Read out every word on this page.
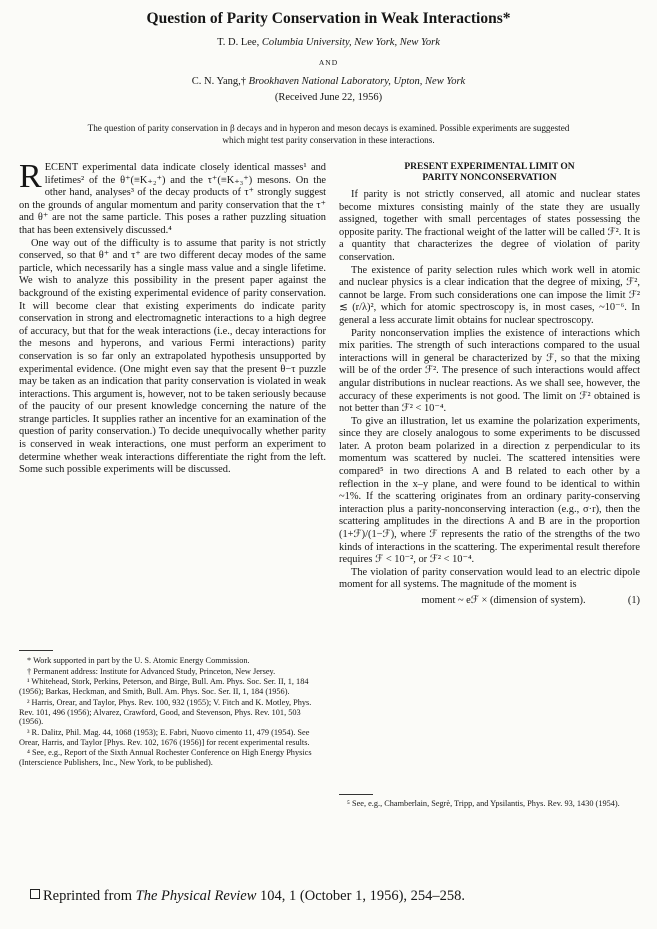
Question of Parity Conservation in Weak Interactions*
T. D. Lee, Columbia University, New York, New York
AND
C. N. Yang,† Brookhaven National Laboratory, Upton, New York
(Received June 22, 1956)
The question of parity conservation in β decays and in hyperon and meson decays is examined. Possible experiments are suggested which might test parity conservation in these interactions.

RECENT experimental data indicate closely identical masses¹ and lifetimes² of the θ⁺(≡K₊₂⁺) and the τ⁺(≡K₊₃⁺) mesons. On the other hand, analyses³ of the decay products of τ⁺ strongly suggest on the grounds of angular momentum and parity conservation that the τ⁺ and θ⁺ are not the same particle. This poses a rather puzzling situation that has been extensively discussed.⁴

One way out of the difficulty is to assume that parity is not strictly conserved, so that θ⁺ and τ⁺ are two different decay modes of the same particle, which necessarily has a single mass value and a single lifetime. We wish to analyze this possibility in the present paper against the background of the existing experimental evidence of parity conservation. It will become clear that existing experiments do indicate parity conservation in strong and electromagnetic interactions to a high degree of accuracy, but that for the weak interactions (i.e., decay interactions for the mesons and hyperons, and various Fermi interactions) parity conservation is so far only an extrapolated hypothesis unsupported by experimental evidence. (One might even say that the present θ−τ puzzle may be taken as an indication that parity conservation is violated in weak interactions. This argument is, however, not to be taken seriously because of the paucity of our present knowledge concerning the nature of the strange particles. It supplies rather an incentive for an examination of the question of parity conservation.) To decide unequivocally whether parity is conserved in weak interactions, one must perform an experiment to determine whether weak interactions differentiate the right from the left. Some such possible experiments will be discussed.

* Work supported in part by the U. S. Atomic Energy Commission.

† Permanent address: Institute for Advanced Study, Princeton, New Jersey.

¹ Whitehead, Stork, Perkins, Peterson, and Birge, Bull. Am. Phys. Soc. Ser. II, 1, 184 (1956); Barkas, Heckman, and Smith, Bull. Am. Phys. Soc. Ser. II, 1, 184 (1956).

² Harris, Orear, and Taylor, Phys. Rev. 100, 932 (1955); V. Fitch and K. Motley, Phys. Rev. 101, 496 (1956); Alvarez, Crawford, Good, and Stevenson, Phys. Rev. 101, 503 (1956).

³ R. Dalitz, Phil. Mag. 44, 1068 (1953); E. Fabri, Nuovo cimento 11, 479 (1954). See Orear, Harris, and Taylor [Phys. Rev. 102, 1676 (1956)] for recent experimental results.

⁴ See, e.g., Report of the Sixth Annual Rochester Conference on High Energy Physics (Interscience Publishers, Inc., New York, to be published).

PRESENT EXPERIMENTAL LIMIT ON
PARITY NONCONSERVATION

If parity is not strictly conserved, all atomic and nuclear states become mixtures consisting mainly of the state they are usually assigned, together with small percentages of states possessing the opposite parity. The fractional weight of the latter will be called ℱ². It is a quantity that characterizes the degree of violation of parity conservation.

The existence of parity selection rules which work well in atomic and nuclear physics is a clear indication that the degree of mixing, ℱ², cannot be large. From such considerations one can impose the limit ℱ² ≲ (r/λ)², which for atomic spectroscopy is, in most cases, ~10⁻⁶. In general a less accurate limit obtains for nuclear spectroscopy.

Parity nonconservation implies the existence of interactions which mix parities. The strength of such interactions compared to the usual interactions will in general be characterized by ℱ, so that the mixing will be of the order ℱ². The presence of such interactions would affect angular distributions in nuclear reactions. As we shall see, however, the accuracy of these experiments is not good. The limit on ℱ² obtained is not better than ℱ² < 10⁻⁴.

To give an illustration, let us examine the polarization experiments, since they are closely analogous to some experiments to be discussed later. A proton beam polarized in a direction z perpendicular to its momentum was scattered by nuclei. The scattered intensities were compared⁵ in two directions A and B related to each other by a reflection in the x–y plane, and were found to be identical to within ~1%. If the scattering originates from an ordinary parity-conserving interaction plus a parity-nonconserving interaction (e.g., σ·r), then the scattering amplitudes in the directions A and B are in the proportion (1+ℱ)/(1−ℱ), where ℱ represents the ratio of the strengths of the two kinds of interactions in the scattering. The experimental result therefore requires ℱ < 10⁻², or ℱ² < 10⁻⁴.

The violation of parity conservation would lead to an electric dipole moment for all systems. The magnitude of the moment is

moment ~ eℱ × (dimension of system).	(1)

⁵ See, e.g., Chamberlain, Segrè, Tripp, and Ypsilantis, Phys. Rev. 93, 1430 (1954).

Reprinted from The Physical Review 104, 1 (October 1, 1956), 254–258.
